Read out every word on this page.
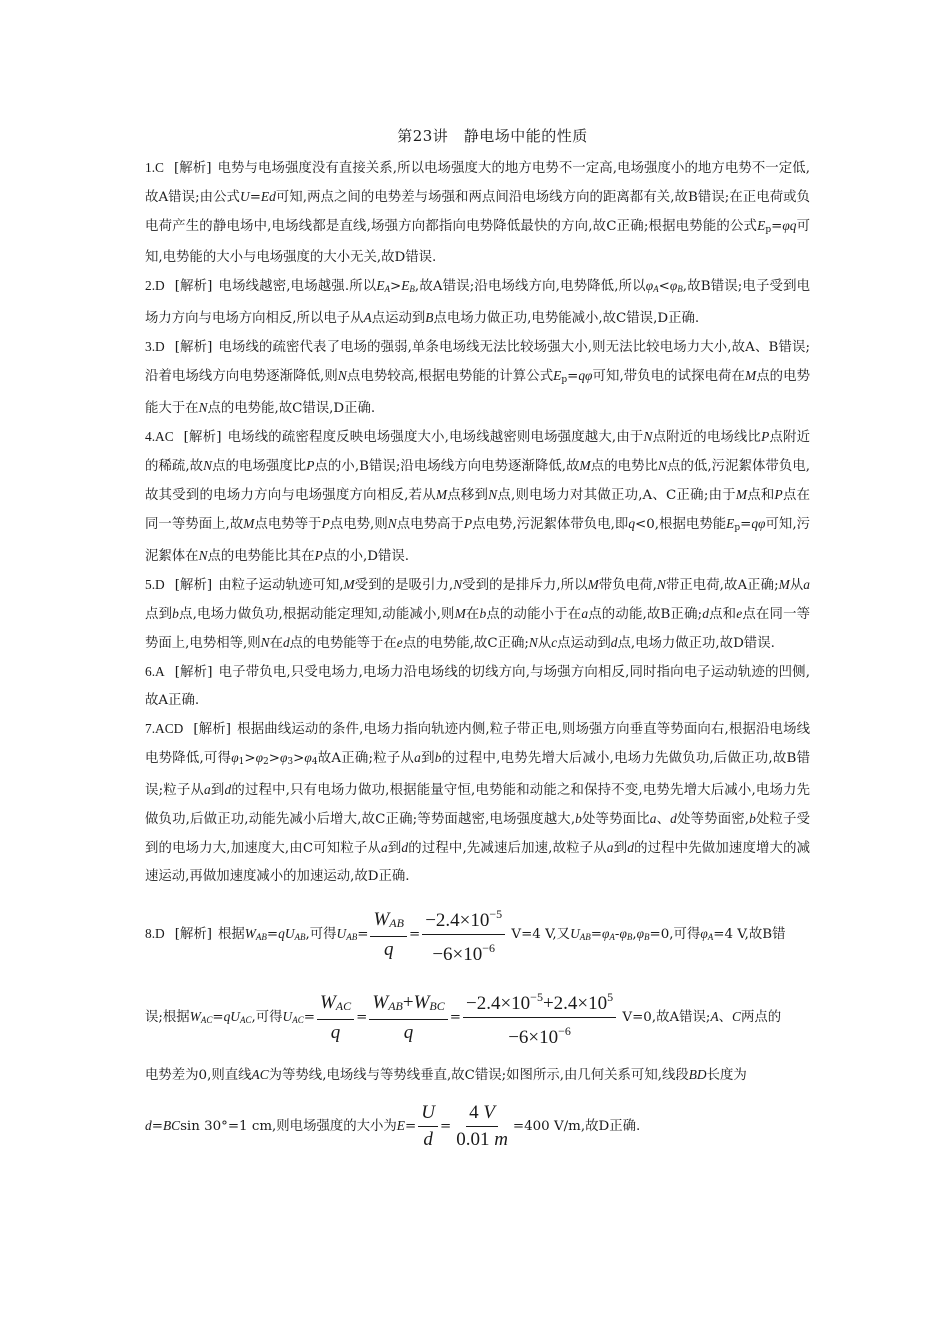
第23讲　静电场中能的性质

1.C [解析] 电势与电场强度没有直接关系,所以电场强度大的地方电势不一定高,电场强度小的地方电势不一定低,故A错误;由公式U=Ed可知,两点之间的电势差与场强和两点间沿电场线方向的距离都有关,故B错误;在正电荷或负电荷产生的静电场中,电场线都是直线,场强方向都指向电势降低最快的方向,故C正确;根据电势能的公式$E_p=\varphi q$可知,电势能的大小与电场强度的大小无关,故D错误.

2.D [解析] 电场线越密,电场越强.所以$E_A>E_B$,故A错误;沿电场线方向,电势降低,所以$\varphi_A<\varphi_B$,故B错误;电子受到电场力方向与电场方向相反,所以电子从A点运动到B点电场力做正功,电势能减小,故C错误,D正确.

3.D [解析] 电场线的疏密代表了电场的强弱,单条电场线无法比较场强大小,则无法比较电场力大小,故A、B错误;沿着电场线方向电势逐渐降低,则N点电势较高,根据电势能的计算公式$E_p=q\varphi$可知,带负电的试探电荷在M点的电势能大于在N点的电势能,故C错误,D正确.

4.AC [解析] 电场线的疏密程度反映电场强度大小,电场线越密则电场强度越大,由于N点附近的电场线比P点附近的稀疏,故N点的电场强度比P点的小,B错误;沿电场线方向电势逐渐降低,故M点的电势比N点的低,污泥絮体带负电,故其受到的电场力方向与电场强度方向相反,若从M点移到N点,则电场力对其做正功,A、C正确;由于M点和P点在同一等势面上,故M点电势等于P点电势,则N点电势高于P点电势,污泥絮体带负电,即q<0,根据电势能$E_p=q\varphi$可知,污泥絮体在N点的电势能比其在P点的小,D错误.

5.D [解析] 由粒子运动轨迹可知,M受到的是吸引力,N受到的是排斥力,所以M带负电荷,N带正电荷,故A正确;M从a点到b点,电场力做负功,根据动能定理知,动能减小,则M在b点的动能小于在a点的动能,故B正确;d点和e点在同一等势面上,电势相等,则N在d点的电势能等于在e点的电势能,故C正确;N从c点运动到d点,电场力做正功,故D错误.

6.A [解析] 电子带负电,只受电场力,电场力沿电场线的切线方向,与场强方向相反,同时指向电子运动轨迹的凹侧,故A正确.

7.ACD [解析] 根据曲线运动的条件,电场力指向轨迹内侧,粒子带正电,则场强方向垂直等势面向右,根据沿电场线电势降低,可得$\varphi_1>\varphi_2>\varphi_3>\varphi_4$故A正确;粒子从a到b的过程中,电势先增大后减小,电场力先做负功,后做正功,故B错误;粒子从a到d的过程中,只有电场力做功,根据能量守恒,电势能和动能之和保持不变,电势先增大后减小,电场力先做负功,后做正功,动能先减小后增大,故C正确;等势面越密,电场强度越大,b处等势面比a、d处等势面密,b处粒子受到的电场力大,加速度大,由C可知粒子从a到d的过程中,先减速后加速,故粒子从a到d的过程中先做加速度增大的减速运动,再做加速度减小的加速运动,故D正确.

8.D [解析] 根据$W_{AB}=qU_{AB}$,可得$U_{AB}= \frac{W_{AB}}{q} = \frac{-2.4\times 10^{-5}}{-6\times 10^{-6}} V=4$ V,又$U_{AB}=\varphi_A-\varphi_B,\varphi_B=0$,可得$\varphi_A=4$ V,故B错

误;根据$W_{AC}=qU_{AC}$,可得$U_{AC}= \frac{W_{AC}}{q} = \frac{W_{AB}+W_{BC}}{q} = \frac{-2.4\times 10^{-5}+2.4\times 10^5}{-6\times 10^{-6}} V=0$,故A错误;A、C两点的

电势差为0,则直线AC为等势线,电场线与等势线垂直,故C错误;如图所示,由几何关系可知,线段BD长度为

d=BCsin 30°=1 cm,则电场强度的大小为$E= \frac{U}{d} = \frac{4 V}{0.01 m} =400$ V/m,故D正确.
